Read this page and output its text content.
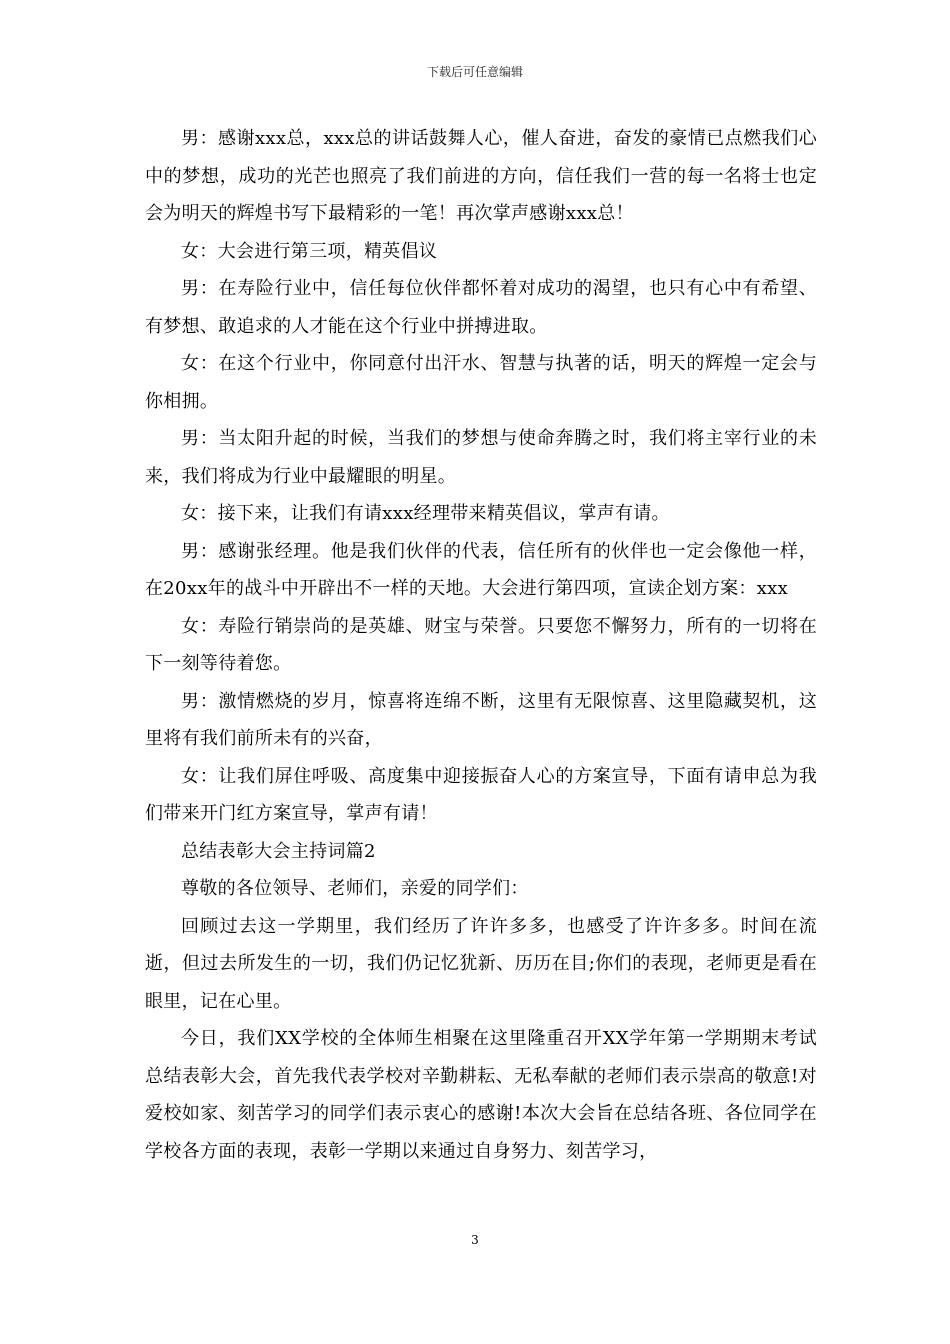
下载后可任意编辑

男：感谢xxx总，xxx总的讲话鼓舞人心，催人奋进，奋发的豪情已点燃我们心中的梦想，成功的光芒也照亮了我们前进的方向，信任我们一营的每一名将士也定会为明天的辉煌书写下最精彩的一笔！再次掌声感谢xxx总！

女：大会进行第三项，精英倡议

男：在寿险行业中，信任每位伙伴都怀着对成功的渴望，也只有心中有希望、有梦想、敢追求的人才能在这个行业中拼搏进取。

女：在这个行业中，你同意付出汗水、智慧与执著的话，明天的辉煌一定会与你相拥。

男：当太阳升起的时候，当我们的梦想与使命奔腾之时，我们将主宰行业的未来，我们将成为行业中最耀眼的明星。

女：接下来，让我们有请xxx经理带来精英倡议，掌声有请。

男：感谢张经理。他是我们伙伴的代表，信任所有的伙伴也一定会像他一样，在20xx年的战斗中开辟出不一样的天地。大会进行第四项，宣读企划方案：xxx

女：寿险行销崇尚的是英雄、财宝与荣誉。只要您不懈努力，所有的一切将在下一刻等待着您。

男：激情燃烧的岁月，惊喜将连绵不断，这里有无限惊喜、这里隐藏契机，这里将有我们前所未有的兴奋，

女：让我们屏住呼吸、高度集中迎接振奋人心的方案宣导，下面有请申总为我们带来开门红方案宣导，掌声有请！

总结表彰大会主持词篇2

尊敬的各位领导、老师们，亲爱的同学们：

回顾过去这一学期里，我们经历了许许多多，也感受了许许多多。时间在流逝，但过去所发生的一切，我们仍记忆犹新、历历在目;你们的表现，老师更是看在眼里，记在心里。

今日，我们XX学校的全体师生相聚在这里隆重召开XX学年第一学期期末考试总结表彰大会，首先我代表学校对辛勤耕耘、无私奉献的老师们表示崇高的敬意!对爱校如家、刻苦学习的同学们表示衷心的感谢!本次大会旨在总结各班、各位同学在学校各方面的表现，表彰一学期以来通过自身努力、刻苦学习，

3
